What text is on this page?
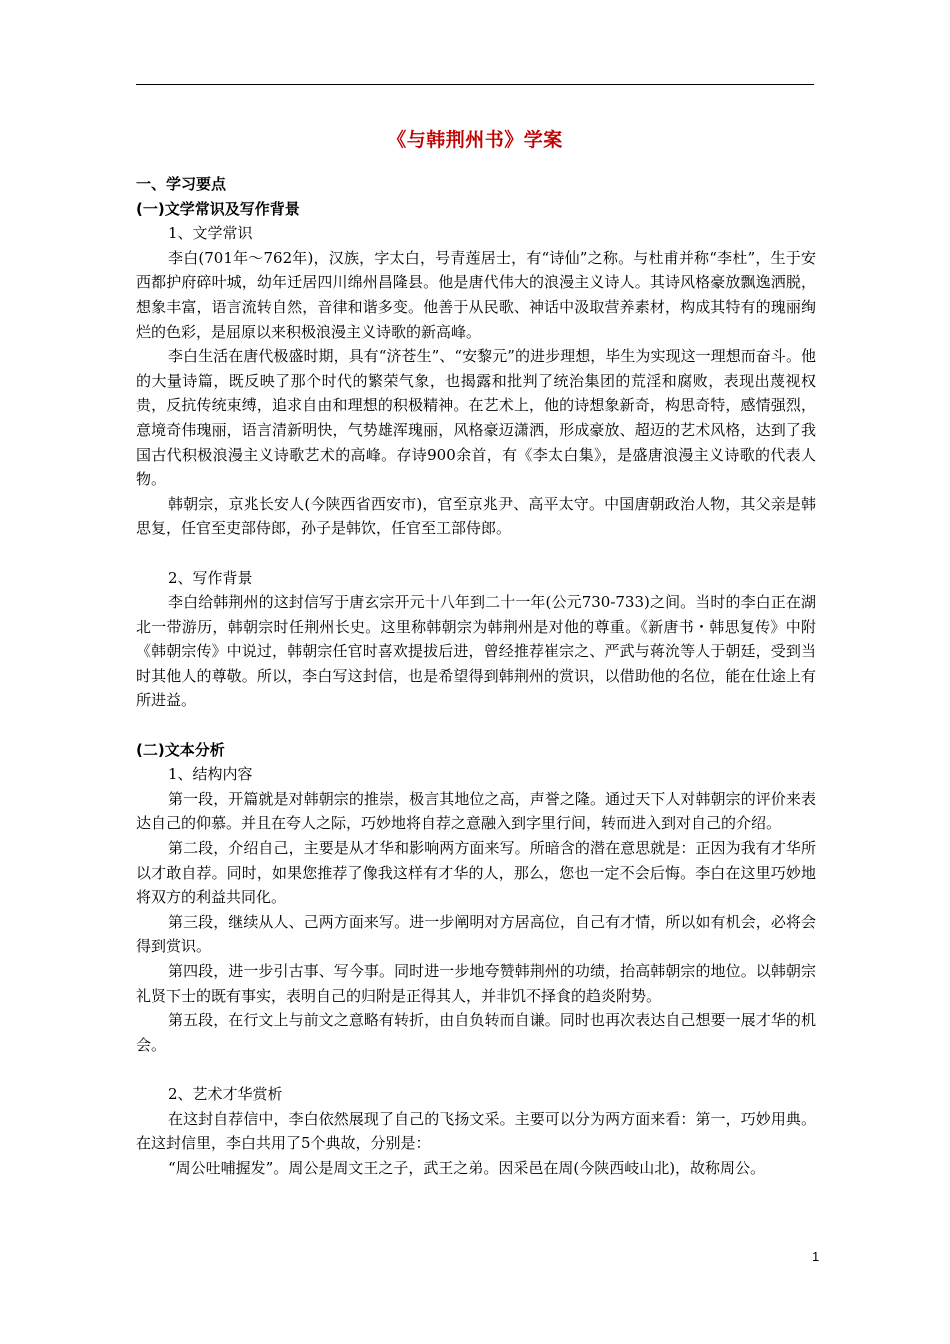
《与韩荆州书》学案
一、学习要点
(一)文学常识及写作背景
1、文学常识
李白(701年～762年)，汉族，字太白，号青莲居士，有“诗仙”之称。与杜甫并称“李杜”，生于安西都护府碎叶城，幼年迁居四川绵州昌隆县。他是唐代伟大的浪漫主义诗人。其诗风格豪放飘逸洒脱，想象丰富，语言流转自然，音律和谐多变。他善于从民歌、神话中汲取营养素材，构成其特有的瑰丽绚烂的色彩，是屈原以来积极浪漫主义诗歌的新高峰。
李白生活在唐代极盛时期，具有“济苍生”、“安黎元”的进步理想，毕生为实现这一理想而奋斗。他的大量诗篇，既反映了那个时代的繁荣气象，也揭露和批判了统治集团的荒淫和腐败，表现出蔑视权贵，反抗传统束缚，追求自由和理想的积极精神。在艺术上，他的诗想象新奇，构思奇特，感情强烈，意境奇伟瑰丽，语言清新明快，气势雄浑瑰丽，风格豪迈潇洒，形成豪放、超迈的艺术风格，达到了我国古代积极浪漫主义诗歌艺术的高峰。存诗900余首，有《李太白集》，是盛唐浪漫主义诗歌的代表人物。
韩朝宗，京兆长安人(今陕西省西安市)，官至京兆尹、高平太守。中国唐朝政治人物，其父亲是韩思复，任官至吏部侍郎，孙子是韩饮，任官至工部侍郎。
2、写作背景
李白给韩荆州的这封信写于唐玄宗开元十八年到二十一年(公元730-733)之间。当时的李白正在湖北一带游历，韩朝宗时任荆州长史。这里称韩朝宗为韩荆州是对他的尊重。《新唐书・韩思复传》中附《韩朝宗传》中说过，韩朝宗任官时喜欢提拔后进，曾经推荐崔宗之、严武与蒋沇等人于朝廷，受到当时其他人的尊敬。所以，李白写这封信，也是希望得到韩荆州的赏识，以借助他的名位，能在仕途上有所进益。
(二)文本分析
1、结构内容
第一段，开篇就是对韩朝宗的推崇，极言其地位之高，声誉之隆。通过天下人对韩朝宗的评价来表达自己的仰慕。并且在夸人之际，巧妙地将自荐之意融入到字里行间，转而进入到对自己的介绍。
第二段，介绍自己，主要是从才华和影响两方面来写。所暗含的潜在意思就是：正因为我有才华所以才敢自荐。同时，如果您推荐了像我这样有才华的人，那么，您也一定不会后悔。李白在这里巧妙地将双方的利益共同化。
第三段，继续从人、己两方面来写。进一步阐明对方居高位，自己有才情，所以如有机会，必将会得到赏识。
第四段，进一步引古事、写今事。同时进一步地夸赞韩荆州的功绩，抬高韩朝宗的地位。以韩朝宗礼贤下士的既有事实，表明自己的归附是正得其人，并非饥不择食的趋炎附势。
第五段，在行文上与前文之意略有转折，由自负转而自谦。同时也再次表达自己想要一展才华的机会。
2、艺术才华赏析
在这封自荐信中，李白依然展现了自己的飞扬文采。主要可以分为两方面来看：第一，巧妙用典。在这封信里，李白共用了5个典故，分别是：
“周公吐哺握发”。周公是周文王之子，武王之弟。因采邑在周(今陕西岐山北)，故称周公。
1
